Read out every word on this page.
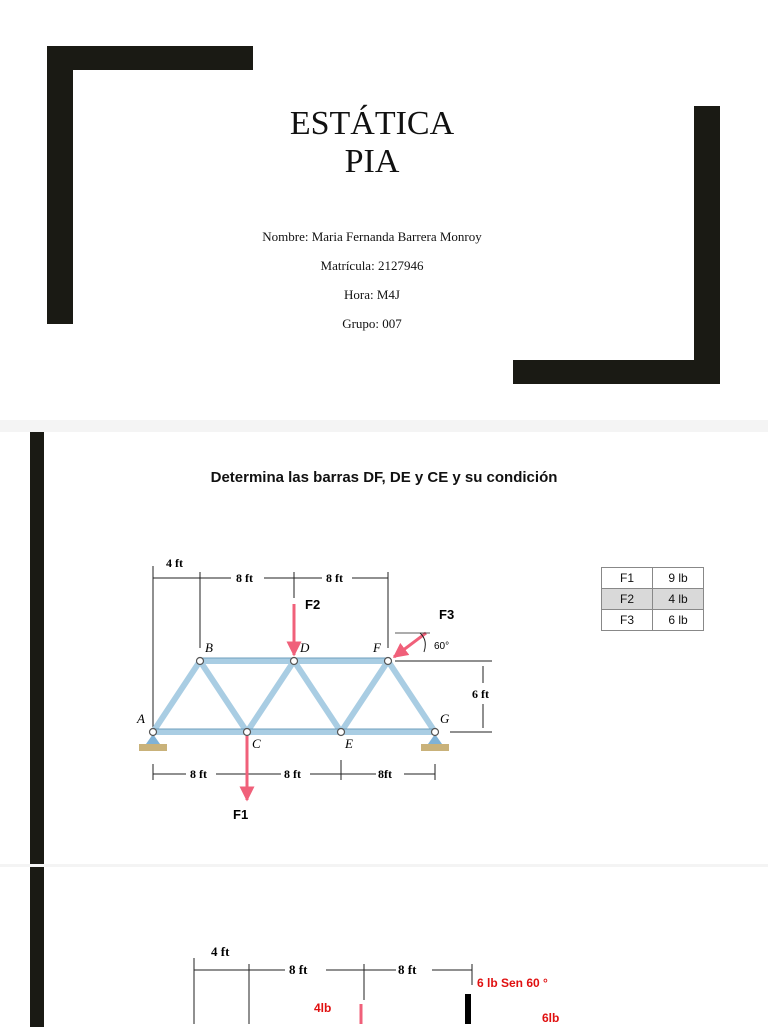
ESTÁTICA
PIA
Nombre: Maria Fernanda Barrera Monroy
Matrícula: 2127946
Hora: M4J
Grupo: 007
Determina las barras DF, DE y CE y su condición
4 ft
8 ft	8 ft
6 ft
8 ft	8 ft	8ft
A
B
C
D
E
F
G
F2
F1
F3
60°
4 ft
8 ft	8 ft
4lb
6 lb Sen 60 °
6lb
F1	9 lb
F2	4 lb
F3	6 lb
